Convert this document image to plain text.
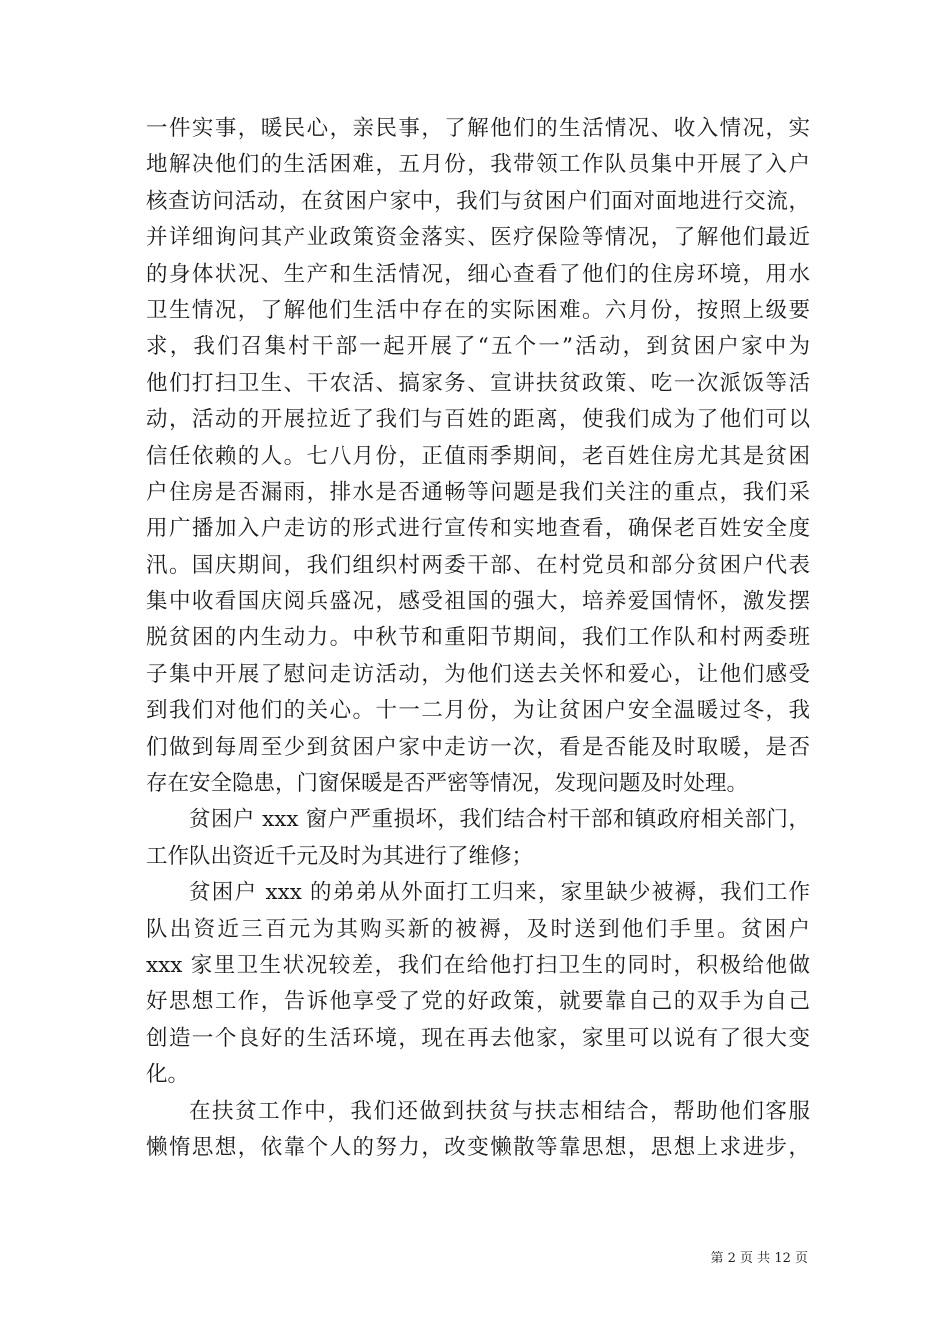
一件实事，暖民心，亲民事，了解他们的生活情况、收入情况，实
地解决他们的生活困难，五月份，我带领工作队员集中开展了入户
核查访问活动，在贫困户家中，我们与贫困户们面对面地进行交流，
并详细询问其产业政策资金落实、医疗保险等情况，了解他们最近
的身体状况、生产和生活情况，细心查看了他们的住房环境，用水
卫生情况，了解他们生活中存在的实际困难。六月份，按照上级要
求，我们召集村干部一起开展了“五个一”活动，到贫困户家中为
他们打扫卫生、干农活、搞家务、宣讲扶贫政策、吃一次派饭等活
动，活动的开展拉近了我们与百姓的距离，使我们成为了他们可以
信任依赖的人。七八月份，正值雨季期间，老百姓住房尤其是贫困
户住房是否漏雨，排水是否通畅等问题是我们关注的重点，我们采
用广播加入户走访的形式进行宣传和实地查看，确保老百姓安全度
汛。国庆期间，我们组织村两委干部、在村党员和部分贫困户代表
集中收看国庆阅兵盛况，感受祖国的强大，培养爱国情怀，激发摆
脱贫困的内生动力。中秋节和重阳节期间，我们工作队和村两委班
子集中开展了慰问走访活动，为他们送去关怀和爱心，让他们感受
到我们对他们的关心。十一二月份，为让贫困户安全温暖过冬，我
们做到每周至少到贫困户家中走访一次，看是否能及时取暖，是否
存在安全隐患，门窗保暖是否严密等情况，发现问题及时处理。
贫困户 xxx 窗户严重损坏，我们结合村干部和镇政府相关部门，
工作队出资近千元及时为其进行了维修；
贫困户 xxx 的弟弟从外面打工归来，家里缺少被褥，我们工作
队出资近三百元为其购买新的被褥，及时送到他们手里。贫困户
xxx 家里卫生状况较差，我们在给他打扫卫生的同时，积极给他做
好思想工作，告诉他享受了党的好政策，就要靠自己的双手为自己
创造一个良好的生活环境，现在再去他家，家里可以说有了很大变
化。
在扶贫工作中，我们还做到扶贫与扶志相结合，帮助他们客服
懒惰思想，依靠个人的努力，改变懒散等靠思想，思想上求进步，
第 2 页 共 12 页
